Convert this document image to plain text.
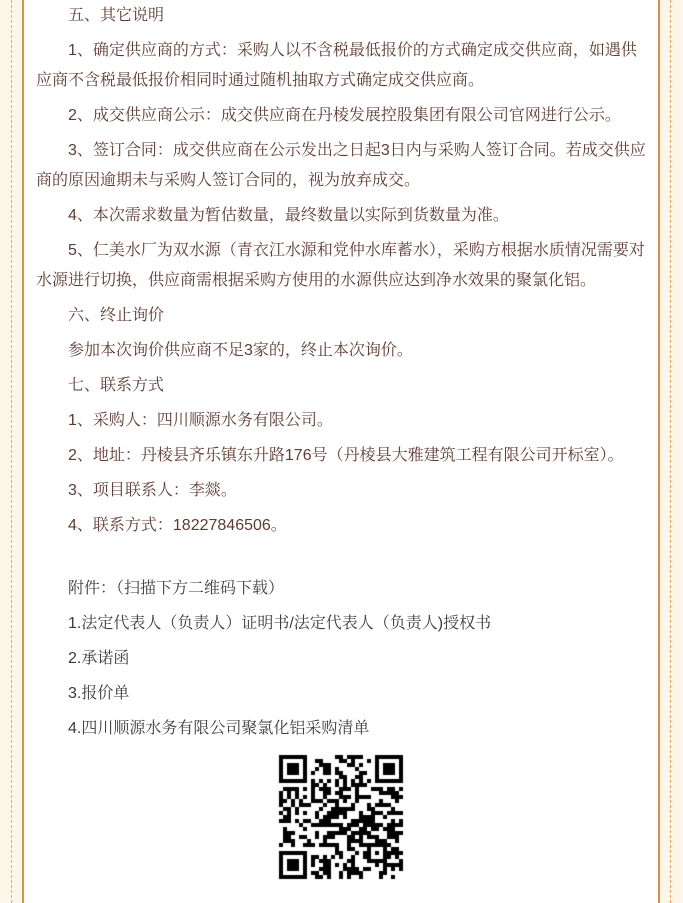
五、其它说明

1、确定供应商的方式：采购人以不含税最低报价的方式确定成交供应商，如遇供应商不含税最低报价相同时通过随机抽取方式确定成交供应商。

2、成交供应商公示：成交供应商在丹棱发展控股集团有限公司官网进行公示。

3、签订合同：成交供应商在公示发出之日起3日内与采购人签订合同。若成交供应商的原因逾期未与采购人签订合同的，视为放弃成交。

4、本次需求数量为暂估数量，最终数量以实际到货数量为准。

5、仁美水厂为双水源（青衣江水源和党仲水库蓄水），采购方根据水质情况需要对水源进行切换，供应商需根据采购方使用的水源供应达到净水效果的聚氯化铝。

六、终止询价

参加本次询价供应商不足3家的，终止本次询价。

七、联系方式

1、采购人：四川顺源水务有限公司。

2、地址：丹棱县齐乐镇东升路176号（丹棱县大雅建筑工程有限公司开标室）。

3、项目联系人：李燚。

4、联系方式：18227846506。

附件：（扫描下方二维码下载）

1.法定代表人（负责人）证明书/法定代表人（负责人)授权书

2.承诺函

3.报价单

4.四川顺源水务有限公司聚氯化铝采购清单
